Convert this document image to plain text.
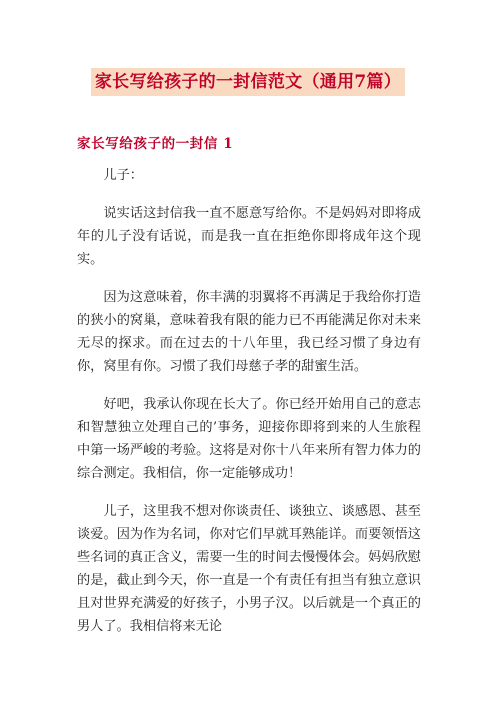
家长写给孩子的一封信范文（通用7篇）
家长写给孩子的一封信 1

儿子：

说实话这封信我一直不愿意写给你。不是妈妈对即将成年的儿子没有话说，而是我一直在拒绝你即将成年这个现实。

因为这意味着，你丰满的羽翼将不再满足于我给你打造的狭小的窝巢，意味着我有限的能力已不再能满足你对未来无尽的探求。而在过去的十八年里，我已经习惯了身边有你，窝里有你。习惯了我们母慈子孝的甜蜜生活。

好吧，我承认你现在长大了。你已经开始用自己的意志和智慧独立处理自己的’事务，迎接你即将到来的人生旅程中第一场严峻的考验。这将是对你十八年来所有智力体力的综合测定。我相信，你一定能够成功！

儿子，这里我不想对你谈责任、谈独立、谈感恩、甚至谈爱。因为作为名词，你对它们早就耳熟能详。而要领悟这些名词的真正含义，需要一生的时间去慢慢体会。妈妈欣慰的是，截止到今天，你一直是一个有责任有担当有独立意识且对世界充满爱的好孩子，小男子汉。以后就是一个真正的男人了。我相信将来无论
